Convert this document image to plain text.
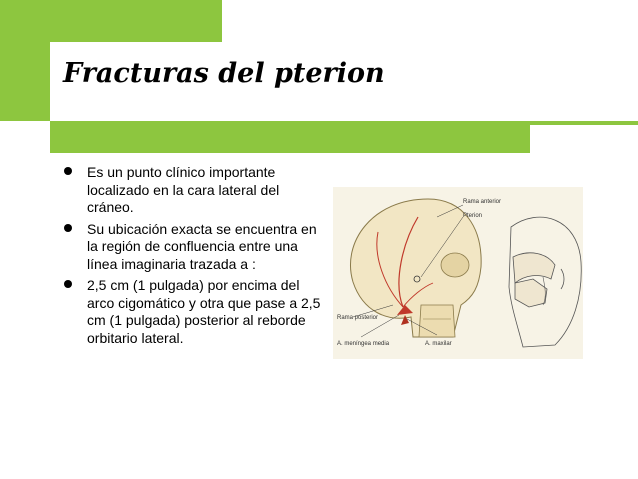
Fracturas del pterion
Es un punto clínico importante localizado en la cara lateral del cráneo.
Su ubicación exacta se encuentra en la región de confluencia entre una línea imaginaria trazada a :
2,5 cm (1 pulgada) por encima del arco cigomático y otra que pase a 2,5 cm (1 pulgada) posterior al reborde orbitario lateral.
Rama anterior
Pterion
Rama posterior
A. meníngea media	A. maxilar
